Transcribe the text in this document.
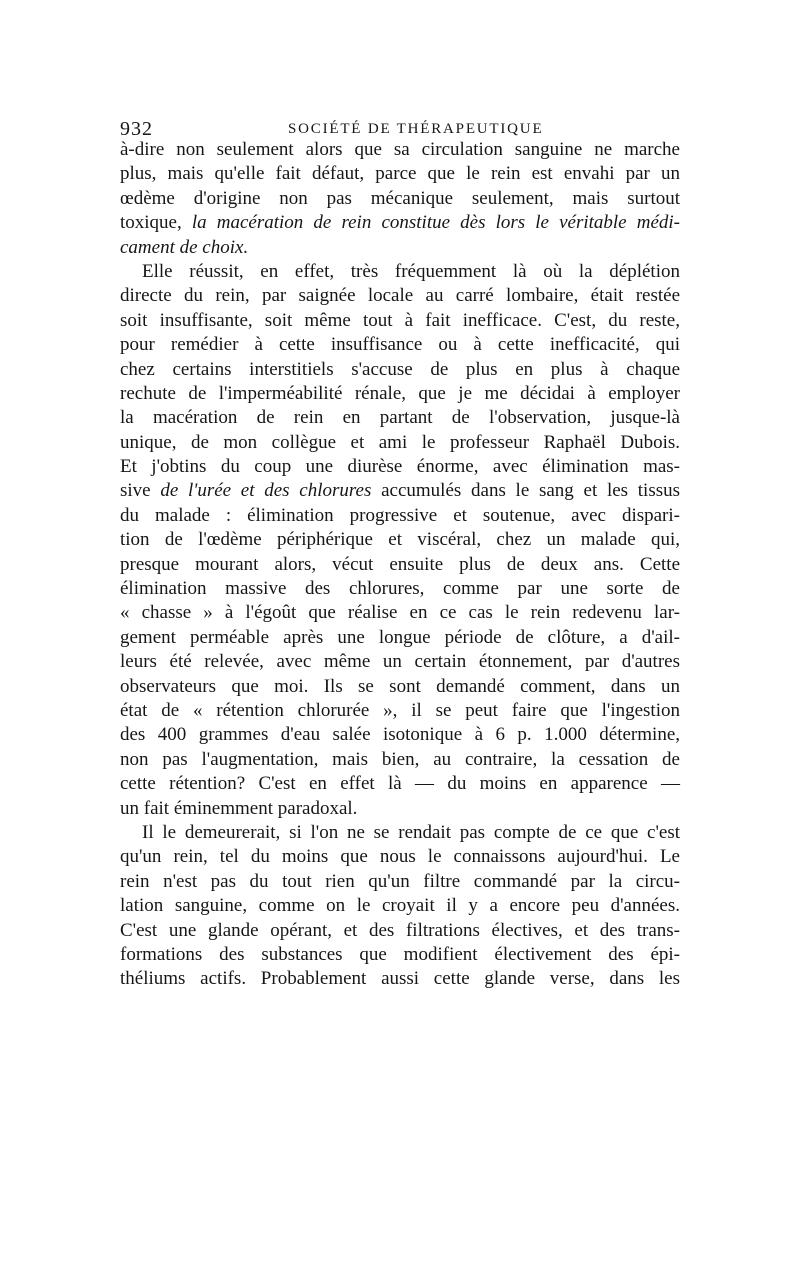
932	SOCIÉTÉ DE THÉRAPEUTIQUE
à-dire non seulement alors que sa circulation sanguine ne marche
plus, mais qu'elle fait défaut, parce que le rein est envahi par un
œdème d'origine non pas mécanique seulement, mais surtout
toxique, la macération de rein constitue dès lors le véritable médi-
cament de choix.
Elle réussit, en effet, très fréquemment là où la déplétion
directe du rein, par saignée locale au carré lombaire, était restée
soit insuffisante, soit même tout à fait inefficace. C'est, du reste,
pour remédier à cette insuffisance ou à cette inefficacité, qui
chez certains interstitiels s'accuse de plus en plus à chaque
rechute de l'imperméabilité rénale, que je me décidai à employer
la macération de rein en partant de l'observation, jusque-là
unique, de mon collègue et ami le professeur Raphaël Dubois.
Et j'obtins du coup une diurèse énorme, avec élimination mas-
sive de l'urée et des chlorures accumulés dans le sang et les tissus
du malade : élimination progressive et soutenue, avec dispari-
tion de l'œdème périphérique et viscéral, chez un malade qui,
presque mourant alors, vécut ensuite plus de deux ans. Cette
élimination massive des chlorures, comme par une sorte de
« chasse » à l'égoût que réalise en ce cas le rein redevenu lar-
gement perméable après une longue période de clôture, a d'ail-
leurs été relevée, avec même un certain étonnement, par d'autres
observateurs que moi. Ils se sont demandé comment, dans un
état de « rétention chlorurée », il se peut faire que l'ingestion
des 400 grammes d'eau salée isotonique à 6 p. 1.000 détermine,
non pas l'augmentation, mais bien, au contraire, la cessation de
cette rétention? C'est en effet là — du moins en apparence —
un fait éminemment paradoxal.
Il le demeurerait, si l'on ne se rendait pas compte de ce que c'est
qu'un rein, tel du moins que nous le connaissons aujourd'hui. Le
rein n'est pas du tout rien qu'un filtre commandé par la circu-
lation sanguine, comme on le croyait il y a encore peu d'années.
C'est une glande opérant, et des filtrations électives, et des trans-
formations des substances que modifient électivement des épi-
théliums actifs. Probablement aussi cette glande verse, dans les
